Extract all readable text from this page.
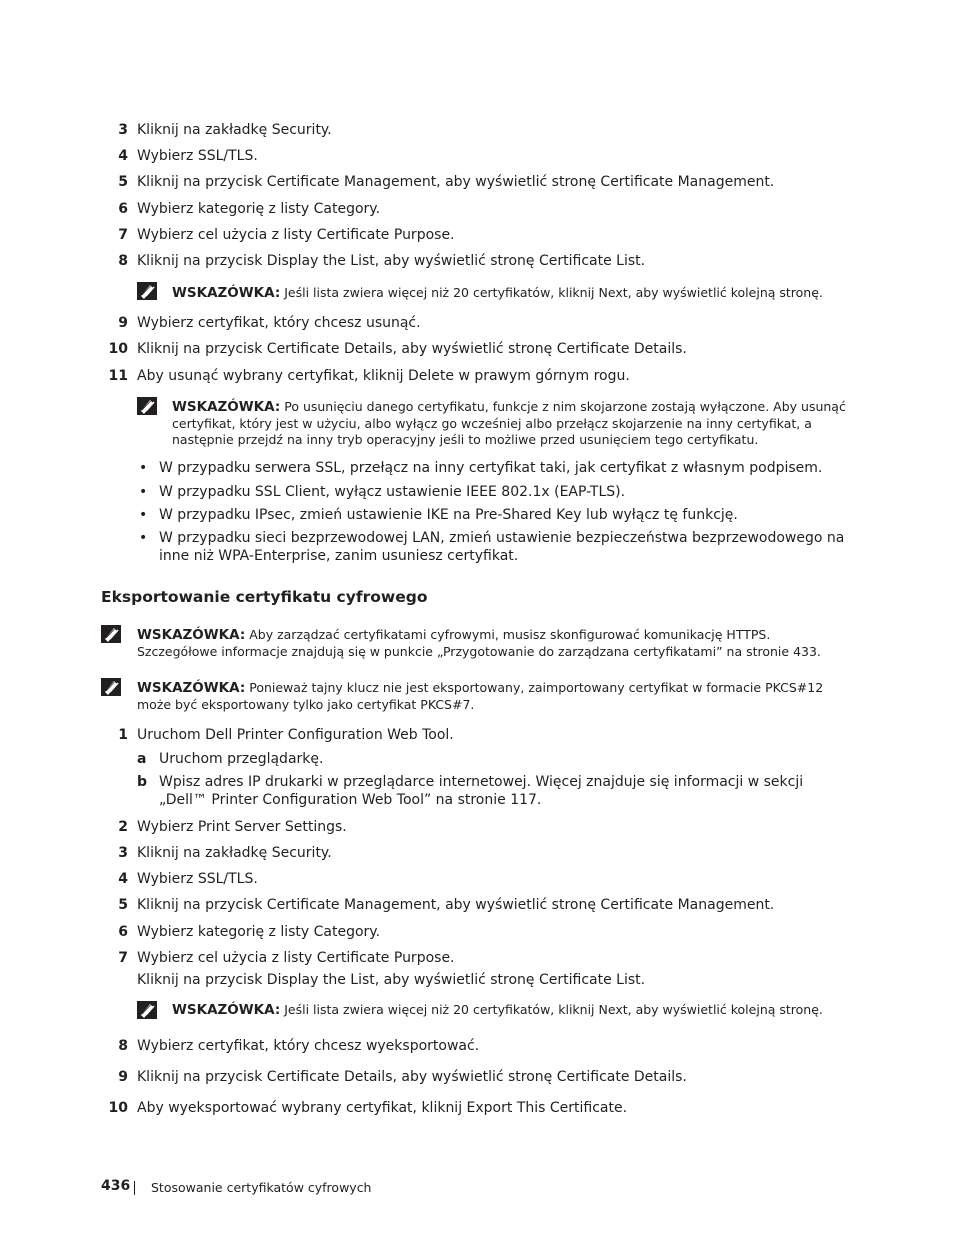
3 Kliknij na zakładkę Security.
4 Wybierz SSL/TLS.
5 Kliknij na przycisk Certificate Management, aby wyświetlić stronę Certificate Management.
6 Wybierz kategorię z listy Category.
7 Wybierz cel użycia z listy Certificate Purpose.
8 Kliknij na przycisk Display the List, aby wyświetlić stronę Certificate List.
WSKAZÓWKA: Jeśli lista zwiera więcej niż 20 certyfikatów, kliknij Next, aby wyświetlić kolejną stronę.
9 Wybierz certyfikat, który chcesz usunąć.
10 Kliknij na przycisk Certificate Details, aby wyświetlić stronę Certificate Details.
11 Aby usunąć wybrany certyfikat, kliknij Delete w prawym górnym rogu.
WSKAZÓWKA: Po usunięciu danego certyfikatu, funkcje z nim skojarzone zostają wyłączone. Aby usunąć certyfikat, który jest w użyciu, albo wyłącz go wcześniej albo przełącz skojarzenie na inny certyfikat, a następnie przejdź na inny tryb operacyjny jeśli to możliwe przed usunięciem tego certyfikatu.
• W przypadku serwera SSL, przełącz na inny certyfikat taki, jak certyfikat z własnym podpisem.
• W przypadku SSL Client, wyłącz ustawienie IEEE 802.1x (EAP-TLS).
• W przypadku IPsec, zmień ustawienie IKE na Pre-Shared Key lub wyłącz tę funkcję.
• W przypadku sieci bezprzewodowej LAN, zmień ustawienie bezpieczeństwa bezprzewodowego na inne niż WPA-Enterprise, zanim usuniesz certyfikat.
Eksportowanie certyfikatu cyfrowego
WSKAZÓWKA: Aby zarządzać certyfikatami cyfrowymi, musisz skonfigurować komunikację HTTPS. Szczegółowe informacje znajdują się w punkcie „Przygotowanie do zarządzana certyfikatami” na stronie 433.
WSKAZÓWKA: Ponieważ tajny klucz nie jest eksportowany, zaimportowany certyfikat w formacie PKCS#12 może być eksportowany tylko jako certyfikat PKCS#7.
1 Uruchom Dell Printer Configuration Web Tool.
a Uruchom przeglądarkę.
b Wpisz adres IP drukarki w przeglądarce internetowej. Więcej znajduje się informacji w sekcji „Dell™ Printer Configuration Web Tool” na stronie 117.
2 Wybierz Print Server Settings.
3 Kliknij na zakładkę Security.
4 Wybierz SSL/TLS.
5 Kliknij na przycisk Certificate Management, aby wyświetlić stronę Certificate Management.
6 Wybierz kategorię z listy Category.
7 Wybierz cel użycia z listy Certificate Purpose.
Kliknij na przycisk Display the List, aby wyświetlić stronę Certificate List.
WSKAZÓWKA: Jeśli lista zwiera więcej niż 20 certyfikatów, kliknij Next, aby wyświetlić kolejną stronę.
8 Wybierz certyfikat, który chcesz wyeksportować.
9 Kliknij na przycisk Certificate Details, aby wyświetlić stronę Certificate Details.
10 Aby wyeksportować wybrany certyfikat, kliknij Export This Certificate.
436 Stosowanie certyfikatów cyfrowych
